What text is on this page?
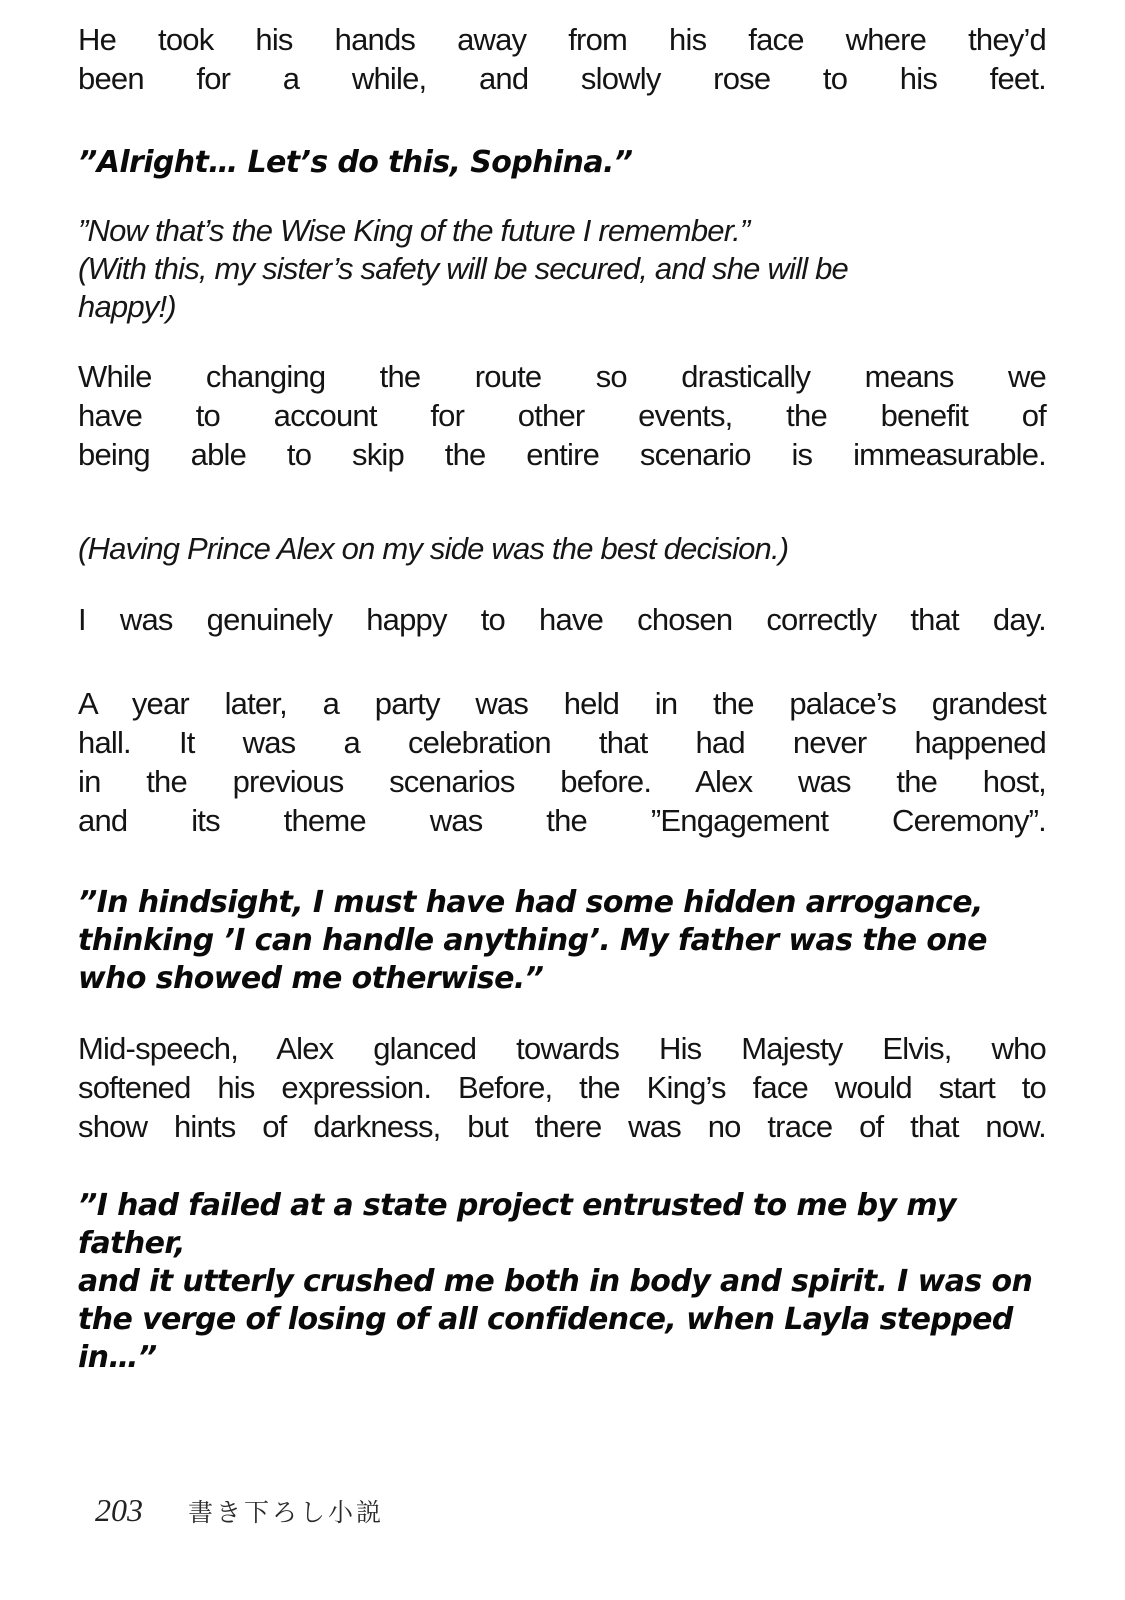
He took his hands away from his face where they’d
been for a while, and slowly rose to his feet.
”Alright… Let’s do this, Sophina.”
”Now that’s the Wise King of the future I remember.”
(With this, my sister’s safety will be secured, and she will be
happy!)
While changing the route so drastically means we
have to account for other events, the benefit of
being able to skip the entire scenario is immeasurable.
(Having Prince Alex on my side was the best decision.)
I was genuinely happy to have chosen correctly that day.
A year later, a party was held in the palace’s grandest
hall. It was a celebration that had never happened
in the previous scenarios before. Alex was the host,
and its theme was the ”Engagement Ceremony”.
”In hindsight, I must have had some hidden arrogance,
thinking ’I can handle anything’. My father was the one
who showed me otherwise.”
Mid-speech, Alex glanced towards His Majesty Elvis, who
softened his expression. Before, the King’s face would start to
show hints of darkness, but there was no trace of that now.
”I had failed at a state project entrusted to me by my father,
and it utterly crushed me both in body and spirit. I was on
the verge of losing of all confidence, when Layla stepped
in…”
203 書き下ろし小説
